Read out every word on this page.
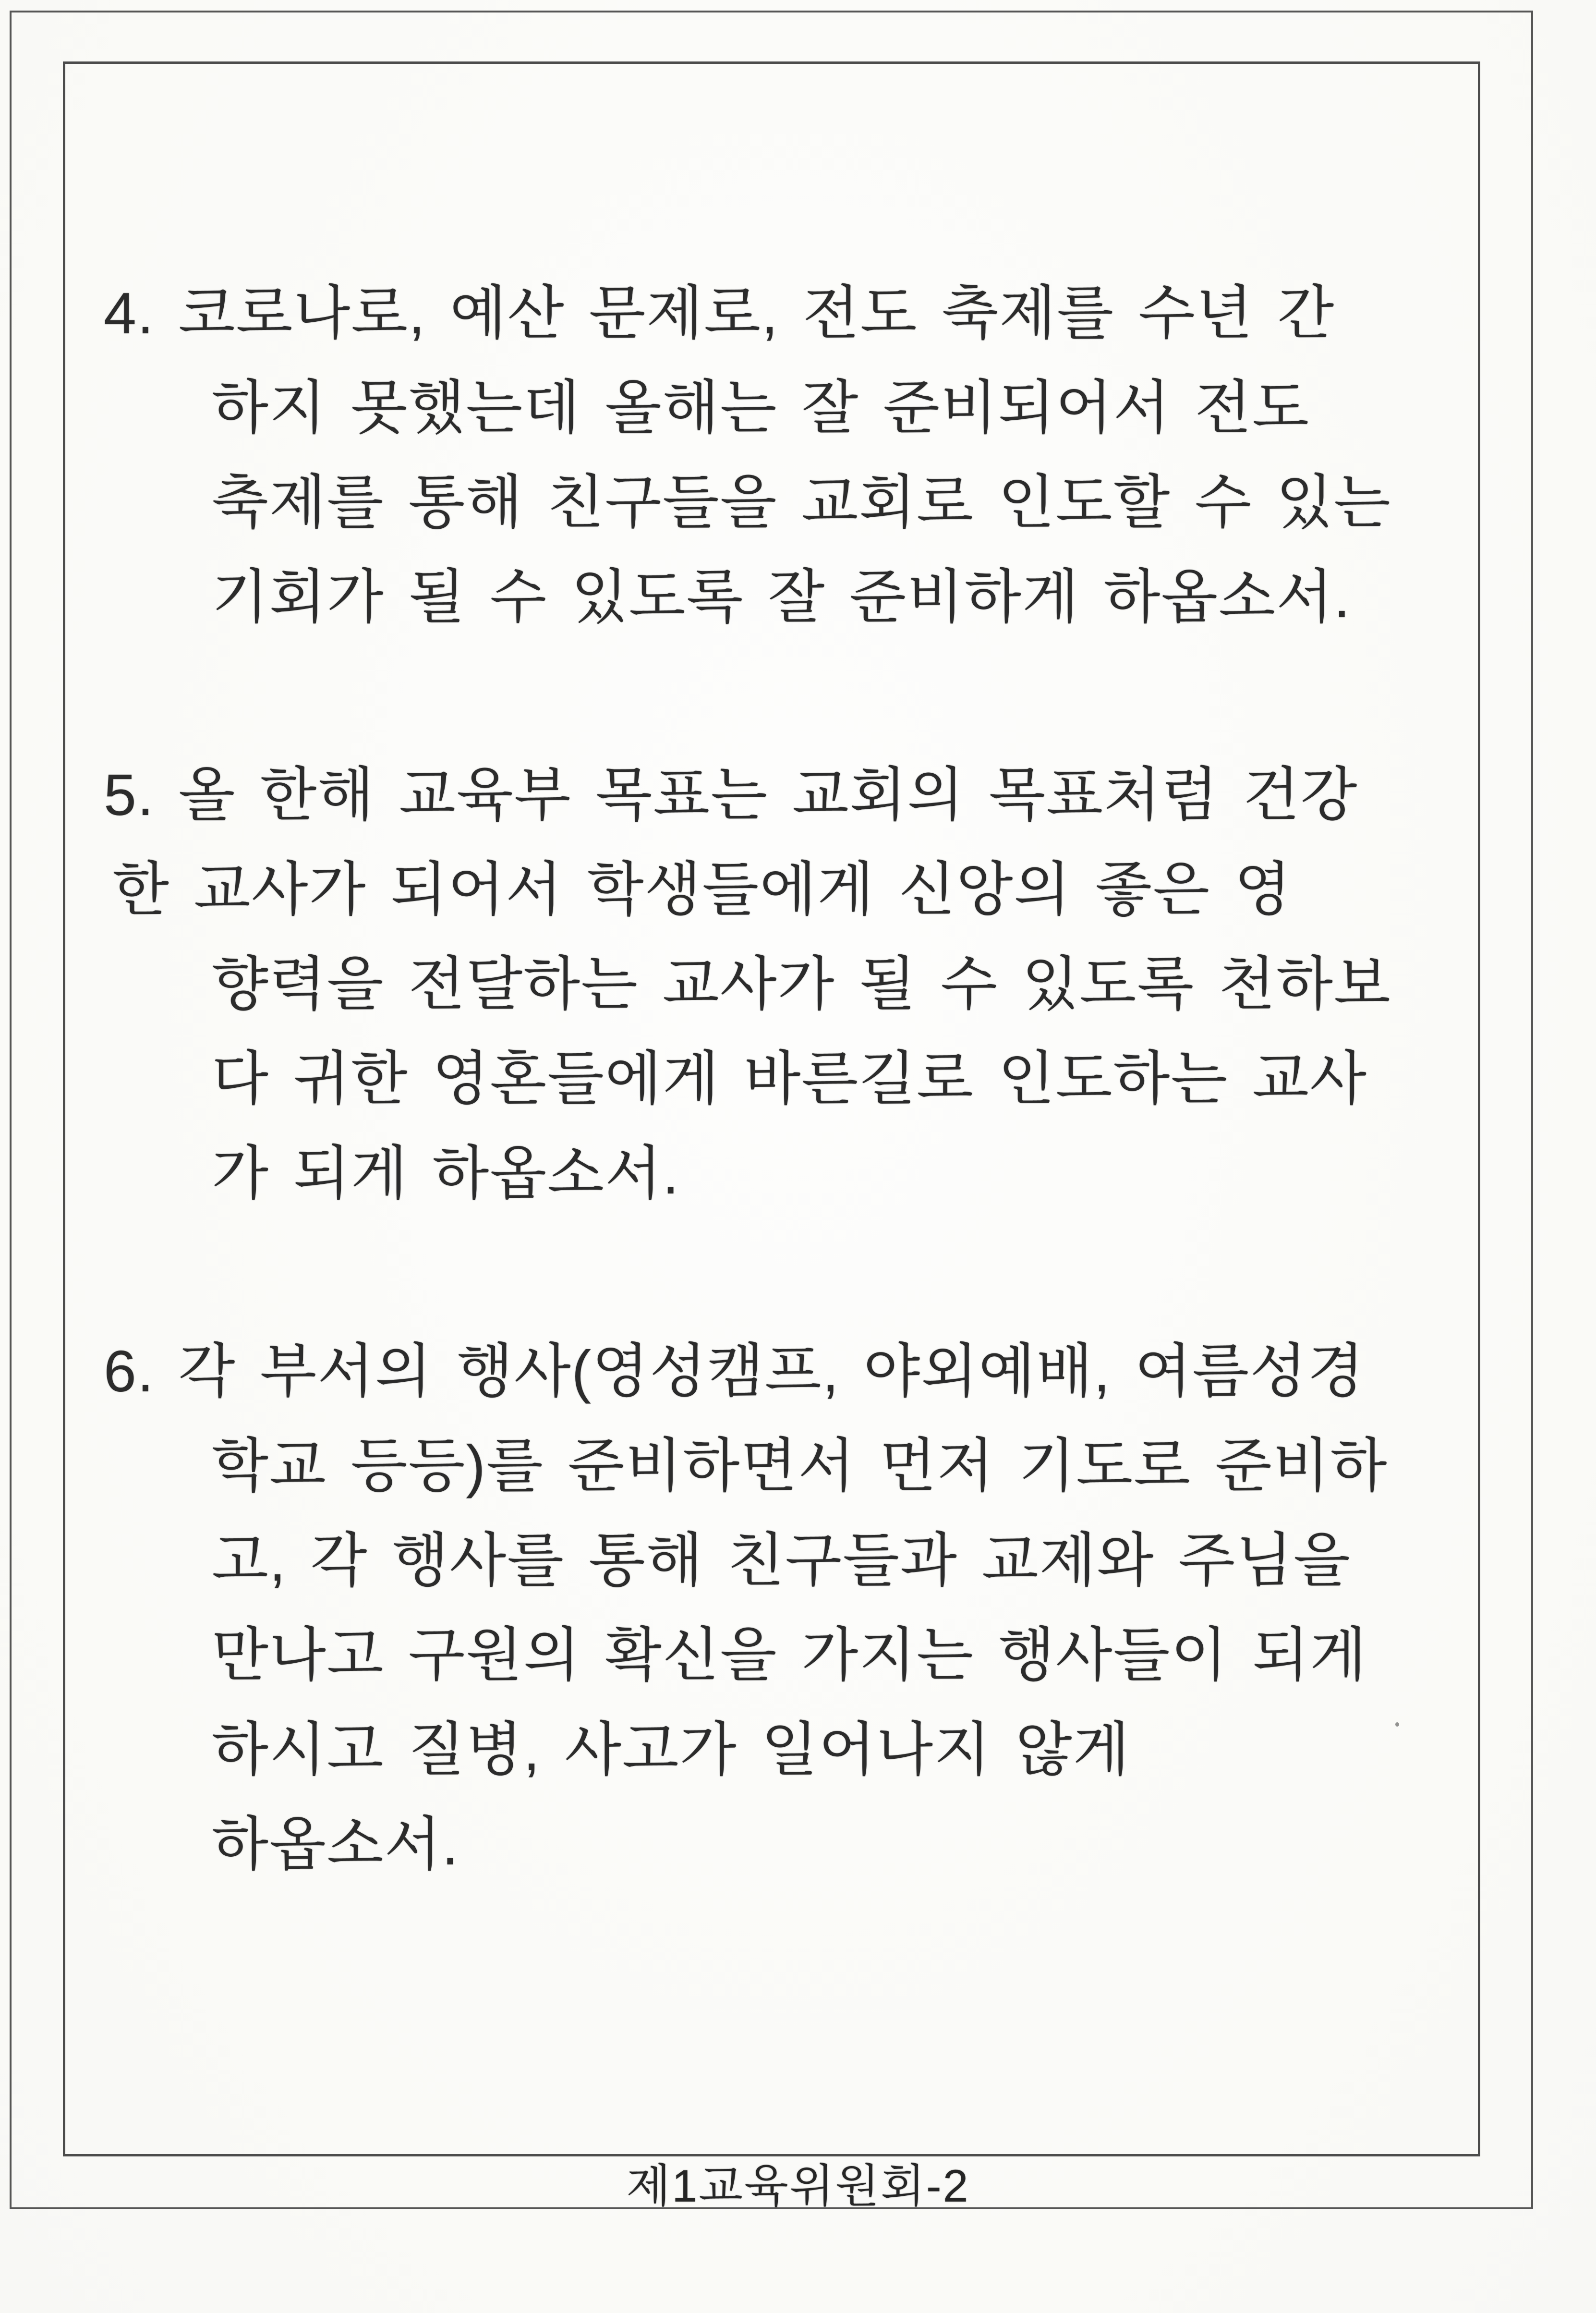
4. 코로나로, 예산 문제로, 전도 축제를 수년 간
하지 못했는데 올해는 잘 준비되어서 전도
축제를 통해 친구들을 교회로 인도할 수 있는
기회가 될 수 있도록 잘 준비하게 하옵소서.
5. 올 한해 교육부 목표는 교회의 목표처럼 건강
한 교사가 되어서 학생들에게 신앙의 좋은 영
향력을 전달하는 교사가 될 수 있도록 천하보
다 귀한 영혼들에게 바른길로 인도하는 교사
가 되게 하옵소서.
6. 각 부서의 행사(영성캠프, 야외예배, 여름성경
학교 등등)를 준비하면서 먼저 기도로 준비하
고, 각 행사를 통해 친구들과 교제와 주님을
만나고 구원의 확신을 가지는 행사들이 되게
하시고 질병, 사고가 일어나지 않게
하옵소서.
제1교육위원회-2
